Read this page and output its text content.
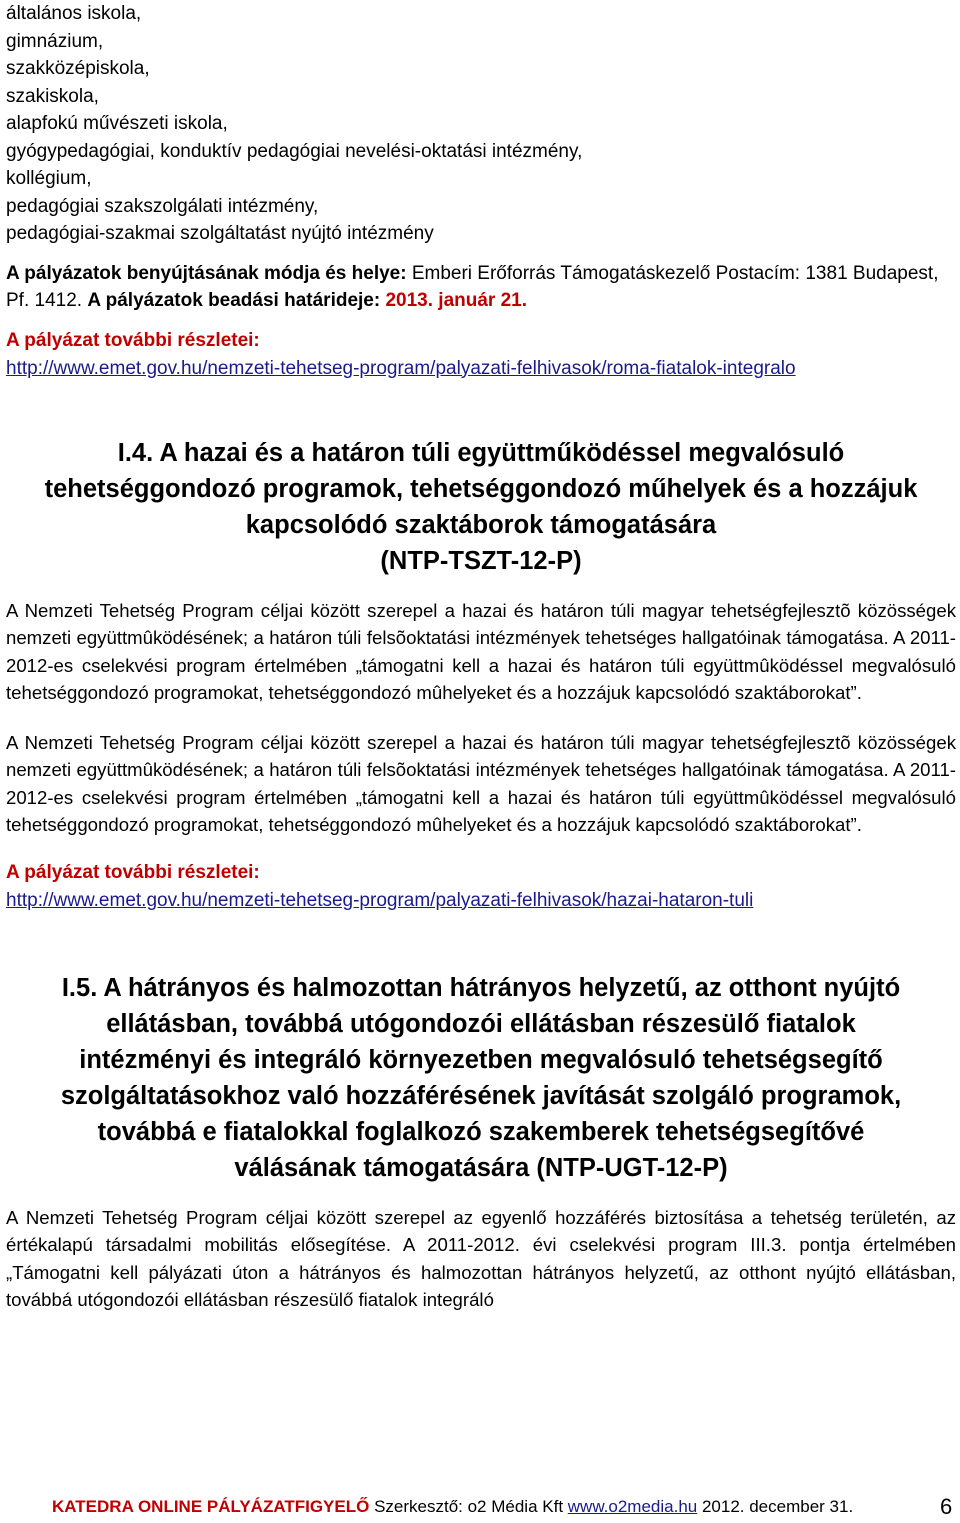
általános iskola,
gimnázium,
szakközépiskola,
szakiskola,
alapfokú művészeti iskola,
gyógypedagógiai, konduktív pedagógiai nevelési-oktatási intézmény,
kollégium,
pedagógiai szakszolgálati intézmény,
pedagógiai-szakmai szolgáltatást nyújtó intézmény
A pályázatok benyújtásának módja és helye: Emberi Erőforrás Támogatáskezelő Postacím: 1381 Budapest, Pf. 1412. A pályázatok beadási határideje: 2013. január 21.
A pályázat további részletei:
http://www.emet.gov.hu/nemzeti-tehetseg-program/palyazati-felhivasok/roma-fiatalok-integralo
I.4. A hazai és a határon túli együttműködéssel megvalósuló
tehetséggondozó programok, tehetséggondozó műhelyek és a hozzájuk
kapcsolódó szaktáborok támogatására
(NTP-TSZT-12-P)

A Nemzeti Tehetség Program céljai között szerepel a hazai és határon túli magyar tehetségfejlesztõ közösségek nemzeti együttmûködésének; a határon túli felsõoktatási intézmények tehetséges hallgatóinak támogatása. A 2011-2012-es cselekvési program értelmében „támogatni kell a hazai és határon túli együttmûködéssel megvalósuló tehetséggondozó programokat, tehetséggondozó mûhelyeket és a hozzájuk kapcsolódó szaktáborokat”.

A Nemzeti Tehetség Program céljai között szerepel a hazai és határon túli magyar tehetségfejlesztõ közösségek nemzeti együttmûködésének; a határon túli felsõoktatási intézmények tehetséges hallgatóinak támogatása. A 2011-2012-es cselekvési program értelmében „támogatni kell a hazai és határon túli együttmûködéssel megvalósuló tehetséggondozó programokat, tehetséggondozó mûhelyeket és a hozzájuk kapcsolódó szaktáborokat”.

A pályázat további részletei:
http://www.emet.gov.hu/nemzeti-tehetseg-program/palyazati-felhivasok/hazai-hataron-tuli
I.5. A hátrányos és halmozottan hátrányos helyzetű, az otthont nyújtó
ellátásban, továbbá utógondozói ellátásban részesülő fiatalok
intézményi és integráló környezetben megvalósuló tehetségsegítő
szolgáltatásokhoz való hozzáférésének javítását szolgáló programok,
továbbá e fiatalokkal foglalkozó szakemberek tehetségsegítővé
válásának támogatására (NTP-UGT-12-P)

A Nemzeti Tehetség Program céljai között szerepel az egyenlő hozzáférés biztosítása a tehetség területén, az értékalapú társadalmi mobilitás elősegítése. A 2011-2012. évi cselekvési program III.3. pontja értelmében „Támogatni kell pályázati úton a hátrányos és halmozottan hátrányos helyzetű, az otthont nyújtó ellátásban, továbbá utógondozói ellátásban részesülő fiatalok integráló

KATEDRA ONLINE PÁLYÁZATFIGYELŐ Szerkesztő: o2 Média Kft www.o2media.hu 2012. december 31.	6
